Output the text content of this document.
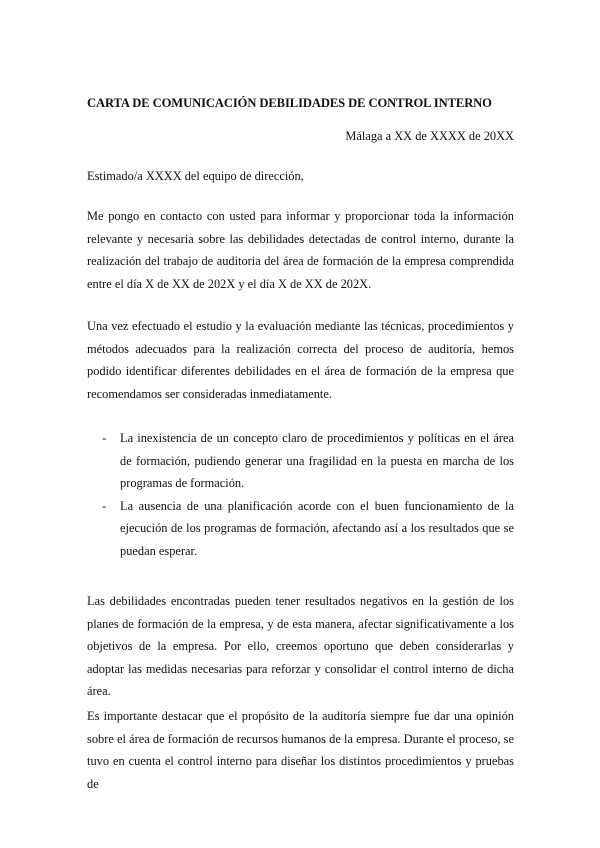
CARTA DE COMUNICACIÓN DEBILIDADES DE CONTROL INTERNO
Málaga a XX de XXXX de 20XX
Estimado/a XXXX del equipo de dirección,

Me pongo en contacto con usted para informar y proporcionar toda la información relevante y necesaria sobre las debilidades detectadas de control interno, durante la realización del trabajo de auditoria del área de formación de la empresa comprendida entre el día X de XX de 202X y el día X de XX de 202X.

Una vez efectuado el estudio y la evaluación mediante las técnicas, procedimientos y métodos adecuados para la realización correcta del proceso de auditoría, hemos podido identificar diferentes debilidades en el área de formación de la empresa que recomendamos ser consideradas inmediatamente.

- La inexistencia de un concepto claro de procedimientos y políticas en el área de formación, pudiendo generar una fragilidad en la puesta en marcha de los programas de formación.
- La ausencia de una planificación acorde con el buen funcionamiento de la ejecución de los programas de formación, afectando así a los resultados que se puedan esperar.

Las debilidades encontradas pueden tener resultados negativos en la gestión de los planes de formación de la empresa, y de esta manera, afectar significativamente a los objetivos de la empresa. Por ello, creemos oportuno que deben considerarlas y adoptar las medidas necesarias para reforzar y consolidar el control interno de dicha área.

Es importante destacar que el propósito de la auditoría siempre fue dar una opinión sobre el área de formación de recursos humanos de la empresa. Durante el proceso, se tuvo en cuenta el control interno para diseñar los distintos procedimientos y pruebas de
